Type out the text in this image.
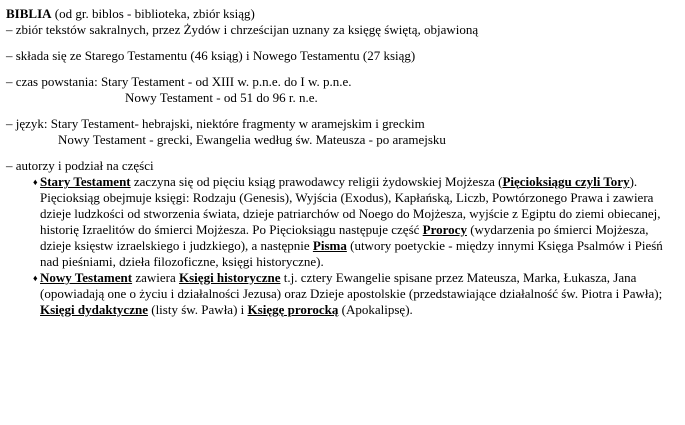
BIBLIA (od gr. biblos - biblioteka, zbiór ksiąg)

– zbiór tekstów sakralnych, przez Żydów i chrześcijan uznany za księgę świętą, objawioną

– składa się ze Starego Testamentu (46 ksiąg) i Nowego Testamentu (27 ksiąg)

– czas powstania: Stary Testament - od XIII w. p.n.e. do I w. p.n.e.

Nowy Testament - od 51 do 96 r. n.e.

– język: Stary Testament- hebrajski, niektóre fragmenty w aramejskim i greckim

Nowy Testament - grecki, Ewangelia według św. Mateusza - po aramejsku

– autorzy i podział na części

♦ Stary Testament zaczyna się od pięciu ksiąg prawodawcy religii żydowskiej Mojżesza (Pięcioksiągu czyli Tory). Pięcioksiąg obejmuje księgi: Rodzaju (Genesis), Wyjścia (Exodus), Kapłańską, Liczb, Powtórzonego Prawa i zawiera dzieje ludzkości od stworzenia świata, dzieje patriarchów od Noego do Mojżesza, wyjście z Egiptu do ziemi obiecanej, historię Izraelitów do śmierci Mojżesza. Po Pięcioksiągu następuje część Prorocy (wydarzenia po śmierci Mojżesza, dzieje księstw izraelskiego i judzkiego), a następnie Pisma (utwory poetyckie - między innymi Księga Psalmów i Pieśń nad pieśniami, dzieła filozoficzne, księgi historyczne).

♦ Nowy Testament zawiera Księgi historyczne t.j. cztery Ewangelie spisane przez Mateusza, Marka, Łukasza, Jana (opowiadają one o życiu i działalności Jezusa) oraz Dzieje apostolskie (przedstawiające działalność św. Piotra i Pawła); Księgi dydaktyczne (listy św. Pawła) i Księgę prorocką (Apokalipsę).
